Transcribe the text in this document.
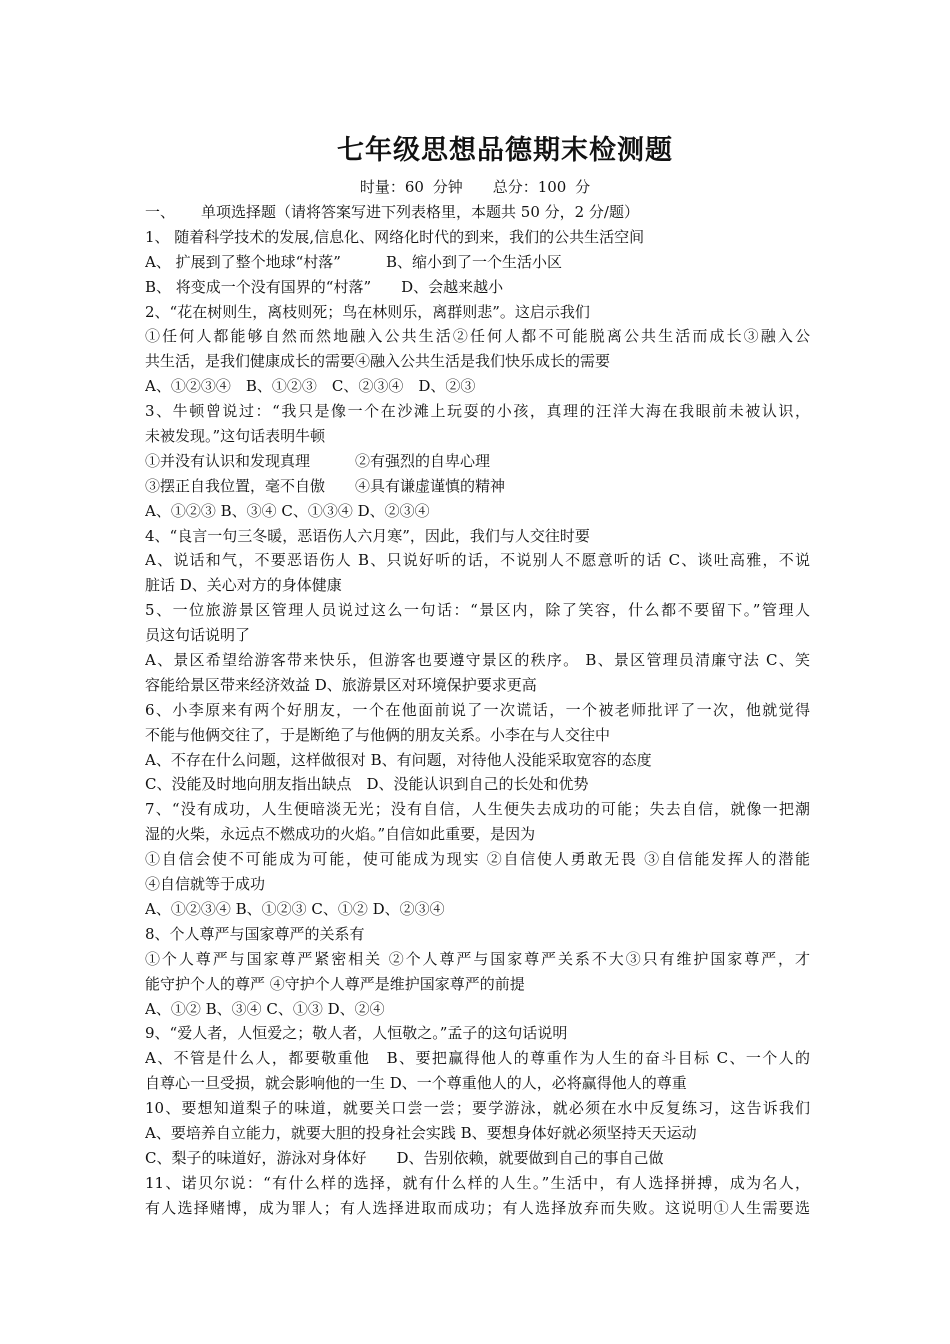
七年级思想品德期末检测题
时量：60 分钟　　总分：100 分
一、 单项选择题（请将答案写进下列表格里，本题共 50 分，2 分/题）
1、 随着科学技术的发展,信息化、网络化时代的到来，我们的公共生活空间
A、 扩展到了整个地球“村落”　　　B、缩小到了一个生活小区
B、 将变成一个没有国界的“村落”　　D、会越来越小
2、“花在树则生，离枝则死；鸟在林则乐，离群则悲”。这启示我们
①任何人都能够自然而然地融入公共生活②任何人都不可能脱离公共生活而成长③融入公
共生活，是我们健康成长的需要④融入公共生活是我们快乐成长的需要
A、①②③④　B、①②③　C、②③④　D、②③
3、牛顿曾说过：“我只是像一个在沙滩上玩耍的小孩，真理的汪洋大海在我眼前未被认识，
未被发现。”这句话表明牛顿
①并没有认识和发现真理　　　②有强烈的自卑心理
③摆正自我位置，毫不自傲　　④具有谦虚谨慎的精神
A、①②③ B、③④ C、①③④ D、②③④
4、“良言一句三冬暖，恶语伤人六月寒”，因此，我们与人交往时要
A、说话和气，不要恶语伤人 B、只说好听的话，不说别人不愿意听的话 C、谈吐高雅，不说
脏话 D、关心对方的身体健康
5、一位旅游景区管理人员说过这么一句话：“景区内，除了笑容，什么都不要留下。”管理人
员这句话说明了
A、景区希望给游客带来快乐，但游客也要遵守景区的秩序。 B、景区管理员清廉守法 C、笑
容能给景区带来经济效益 D、旅游景区对环境保护要求更高
6、小李原来有两个好朋友，一个在他面前说了一次谎话，一个被老师批评了一次，他就觉得
不能与他俩交往了，于是断绝了与他俩的朋友关系。小李在与人交往中
A、不存在什么问题，这样做很对 B、有问题，对待他人没能采取宽容的态度
C、没能及时地向朋友指出缺点　D、没能认识到自己的长处和优势
7、“没有成功，人生便暗淡无光；没有自信，人生便失去成功的可能；失去自信，就像一把潮
湿的火柴，永远点不燃成功的火焰。”自信如此重要，是因为
①自信会使不可能成为可能，使可能成为现实 ②自信使人勇敢无畏 ③自信能发挥人的潜能
④自信就等于成功
A、①②③④ B、①②③ C、①② D、②③④
8、个人尊严与国家尊严的关系有
①个人尊严与国家尊严紧密相关 ②个人尊严与国家尊严关系不大③只有维护国家尊严，才
能守护个人的尊严 ④守护个人尊严是维护国家尊严的前提
A、①② B、③④ C、①③ D、②④
9、“爱人者，人恒爱之；敬人者，人恒敬之。”孟子的这句话说明
A、不管是什么人，都要敬重他　B、要把赢得他人的尊重作为人生的奋斗目标 C、一个人的
自尊心一旦受损，就会影响他的一生 D、一个尊重他人的人，必将赢得他人的尊重
10、要想知道梨子的味道，就要关口尝一尝；要学游泳，就必须在水中反复练习，这告诉我们
A、要培养自立能力，就要大胆的投身社会实践 B、要想身体好就必须坚持天天运动
C、梨子的味道好，游泳对身体好　　D、告别依赖，就要做到自己的事自己做
11、诺贝尔说：“有什么样的选择，就有什么样的人生。”生活中，有人选择拼搏，成为名人，
有人选择赌博，成为罪人；有人选择进取而成功；有人选择放弃而失败。这说明①人生需要选
